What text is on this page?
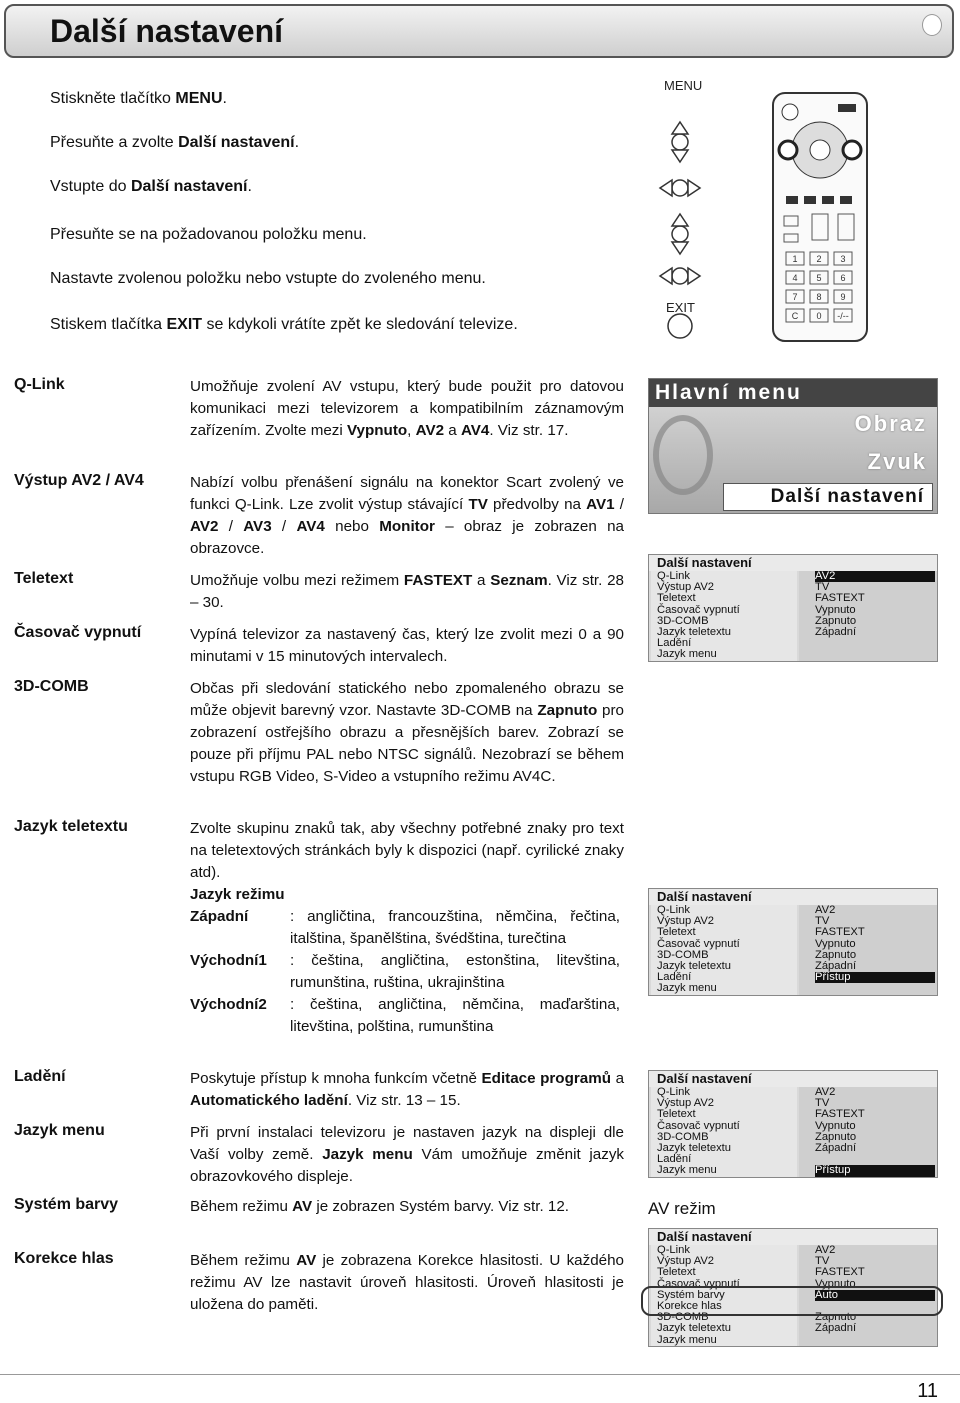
Další nastavení
Stiskněte tlačítko MENU.
Přesuňte a zvolte Další nastavení.
Vstupte do Další nastavení.
Přesuňte se na požadovanou položku menu.
Nastavte zvolenou položku nebo vstupte do zvoleného menu.
Stiskem tlačítka EXIT se kdykoli vrátíte zpět ke sledování televize.
MENU
EXIT
1 2 3
4 5 6
7 8 9
C 0 -/--
Q-Link	Umožňuje zvolení AV vstupu, který bude použit pro datovou komunikaci mezi televizorem a kompatibilním záznamovým zařízením. Zvolte mezi Vypnuto, AV2 a AV4. Viz str. 17.
Výstup AV2 / AV4	Nabízí volbu přenášení signálu na konektor Scart zvolený ve funkci Q-Link. Lze zvolit výstup stávající TV předvolby na AV1 / AV2 / AV3 / AV4 nebo Monitor – obraz je zobrazen na obrazovce.
Teletext	Umožňuje volbu mezi režimem FASTEXT a Seznam. Viz str. 28 – 30.
Časovač vypnutí	Vypíná televizor za nastavený čas, který lze zvolit mezi 0 a 90 minutami v 15 minutových intervalech.
3D-COMB	Občas při sledování statického nebo zpomaleného obrazu se může objevit barevný vzor. Nastavte 3D-COMB na Zapnuto pro zobrazení ostřejšího obrazu a přesnějších barev. Zobrazí se pouze při příjmu PAL nebo NTSC signálů. Nezobrazí se během vstupu RGB Video, S-Video a vstupního režimu AV4C.
Jazyk teletextu	Zvolte skupinu znaků tak, aby všechny potřebné znaky pro text na teletextových stránkách byly k dispozici (např. cyrilické znaky atd).
Jazyk režimu
Západní	: angličtina, francouzština, němčina, řečtina, italština, španělština, švédština, turečtina
Východní1	: čeština, angličtina, estonština, litevština, rumunština, ruština, ukrajinština
Východní2	: čeština, angličtina, němčina, maďarština, litevština, polština, rumunština
Ladění	Poskytuje přístup k mnoha funkcím včetně Editace programů a Automatického ladění. Viz str. 13 – 15.
Jazyk menu	Při první instalaci televizoru je nastaven jazyk na displeji dle Vaší volby země. Jazyk menu Vám umožňuje změnit jazyk obrazovkového displeje.
Systém barvy	Během režimu AV je zobrazen Systém barvy. Viz str. 12.
Korekce hlas	Během režimu AV je zobrazena Korekce hlasitosti. U každého režimu AV lze nastavit úroveň hlasitosti. Úroveň hlasitosti je uložena do paměti.
Hlavní menu
Obraz
Zvuk
Další nastavení
Další nastavení
Q-Link	AV2
Výstup AV2	TV
Teletext	FASTEXT
Časovač vypnutí	Vypnuto
3D-COMB	Zapnuto
Jazyk teletextu	Západní
Ladění
Jazyk menu
Další nastavení
Q-Link	AV2
Výstup AV2	TV
Teletext	FASTEXT
Časovač vypnutí	Vypnuto
3D-COMB	Zapnuto
Jazyk teletextu	Západní
Ladění	Přístup
Jazyk menu
Další nastavení
Q-Link	AV2
Výstup AV2	TV
Teletext	FASTEXT
Časovač vypnutí	Vypnuto
3D-COMB	Zapnuto
Jazyk teletextu	Západní
Ladění
Jazyk menu	Přístup
AV režim
Další nastavení
Q-Link	AV2
Výstup AV2	TV
Teletext	FASTEXT
Časovač vypnutí	Vypnuto
Systém barvy	Auto
Korekce hlas
3D-COMB	Zapnuto
Jazyk teletextu	Západní
Jazyk menu
11
